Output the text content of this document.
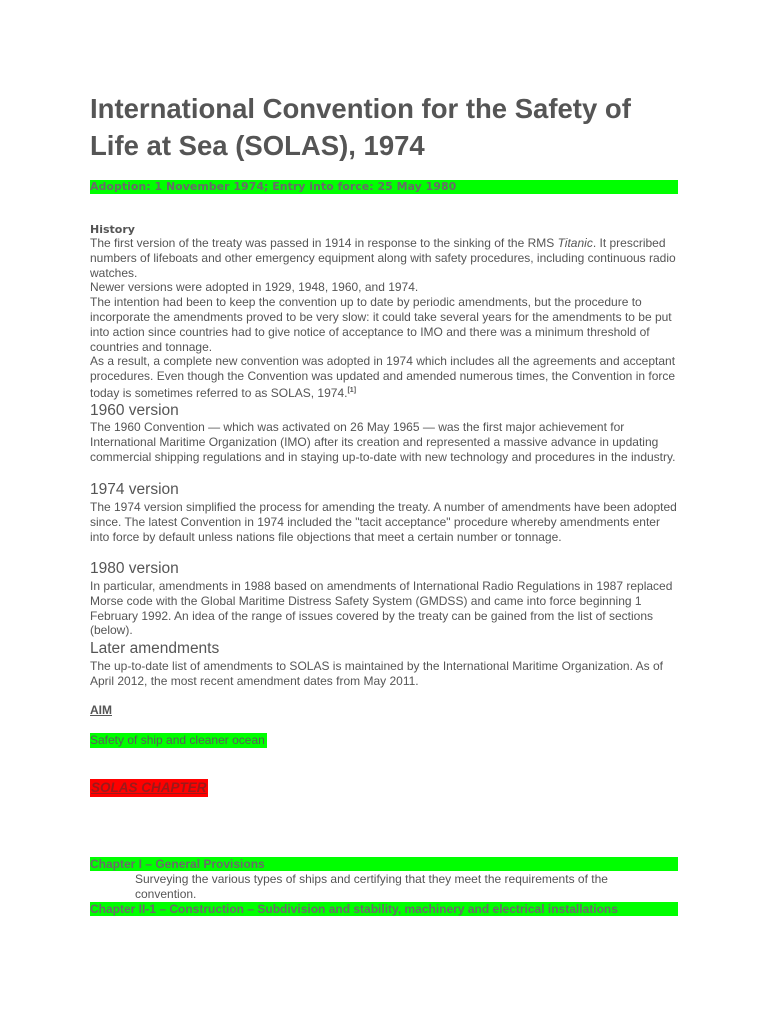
International Convention for the Safety of Life at Sea (SOLAS), 1974
Adoption: 1 November 1974; Entry into force: 25 May 1980

History

The first version of the treaty was passed in 1914 in response to the sinking of the RMS Titanic. It prescribed numbers of lifeboats and other emergency equipment along with safety procedures, including continuous radio watches.

Newer versions were adopted in 1929, 1948, 1960, and 1974.

The intention had been to keep the convention up to date by periodic amendments, but the procedure to incorporate the amendments proved to be very slow: it could take several years for the amendments to be put into action since countries had to give notice of acceptance to IMO and there was a minimum threshold of countries and tonnage.

As a result, a complete new convention was adopted in 1974 which includes all the agreements and acceptant procedures. Even though the Convention was updated and amended numerous times, the Convention in force today is sometimes referred to as SOLAS, 1974.[1]

1960 version

The 1960 Convention — which was activated on 26 May 1965 — was the first major achievement for International Maritime Organization (IMO) after its creation and represented a massive advance in updating commercial shipping regulations and in staying up-to-date with new technology and procedures in the industry.

1974 version

The 1974 version simplified the process for amending the treaty. A number of amendments have been adopted since. The latest Convention in 1974 included the "tacit acceptance" procedure whereby amendments enter into force by default unless nations file objections that meet a certain number or tonnage.

1980 version

In particular, amendments in 1988 based on amendments of International Radio Regulations in 1987 replaced Morse code with the Global Maritime Distress Safety System (GMDSS) and came into force beginning 1 February 1992. An idea of the range of issues covered by the treaty can be gained from the list of sections (below).

Later amendments

The up-to-date list of amendments to SOLAS is maintained by the International Maritime Organization. As of April 2012, the most recent amendment dates from May 2011.

AIM

Safety of ship and cleaner ocean
SOLAS CHAPTER
Chapter I – General Provisions

Surveying the various types of ships and certifying that they meet the requirements of the convention.

Chapter II-1 – Construction – Subdivision and stability, machinery and electrical installations
